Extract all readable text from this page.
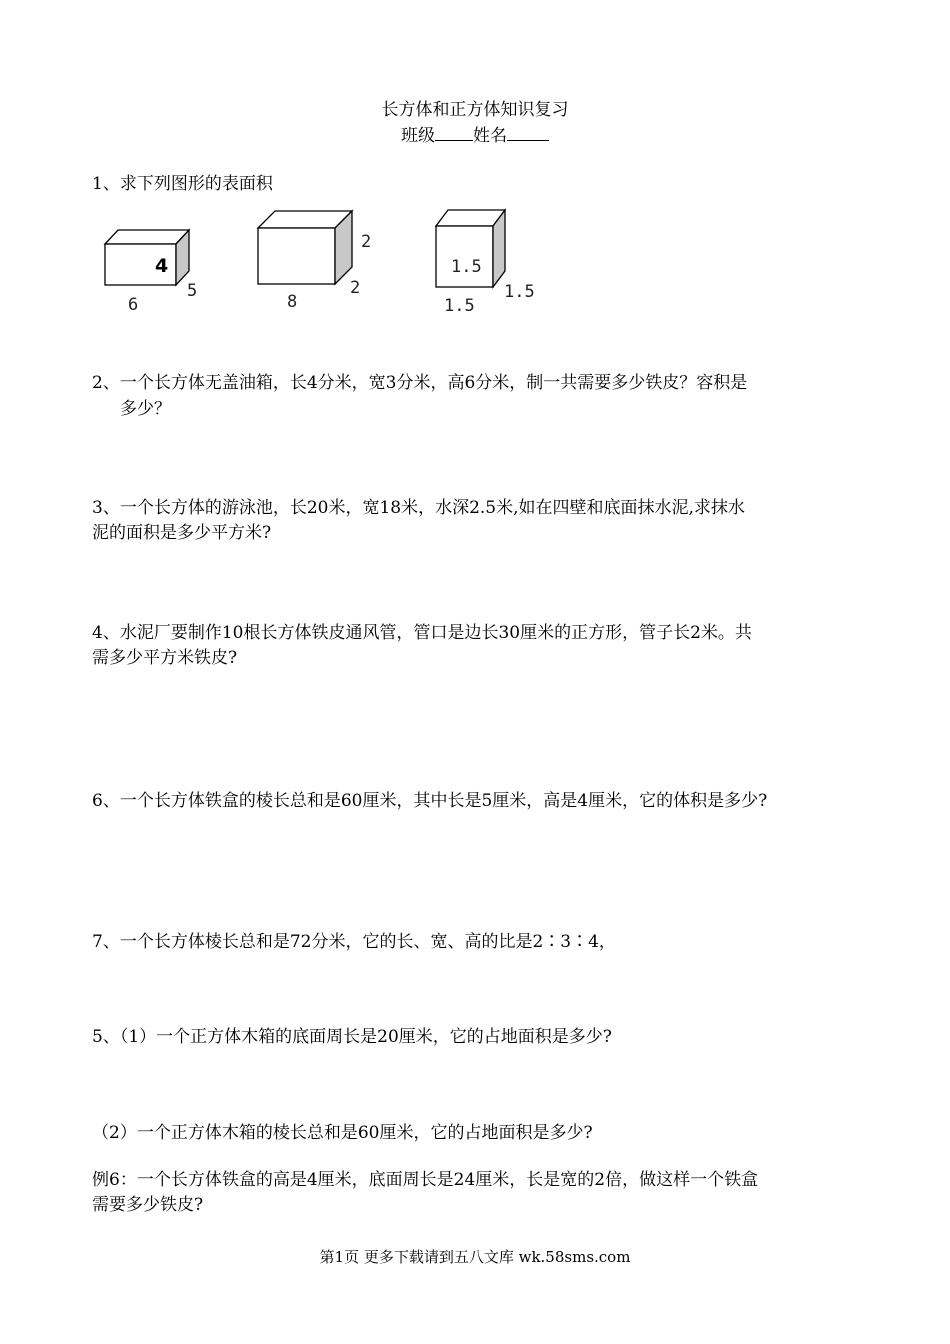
长方体和正方体知识复习
班级 姓名
1、求下列图形的表面积
4
5
6
2
2
8
1.5
1.5
1.5
2、一个长方体无盖油箱，长4分米，宽3分米，高6分米，制一共需要多少铁皮？容积是
多少？
3、一个长方体的游泳池，长20米，宽18米，水深2.5米,如在四壁和底面抹水泥,求抹水
泥的面积是多少平方米?
4、水泥厂要制作10根长方体铁皮通风管，管口是边长30厘米的正方形，管子长2米。共
需多少平方米铁皮?
6、一个长方体铁盒的棱长总和是60厘米，其中长是5厘米，高是4厘米，它的体积是多少?
7、一个长方体棱长总和是72分米，它的长、宽、高的比是2∶3∶4，
5、（1）一个正方体木箱的底面周长是20厘米，它的占地面积是多少?
（2）一个正方体木箱的棱长总和是60厘米，它的占地面积是多少?
例6：一个长方体铁盒的高是4厘米，底面周长是24厘米，长是宽的2倍，做这样一个铁盒
需要多少铁皮?
第1页 更多下载请到五八文库 wk.58sms.com
